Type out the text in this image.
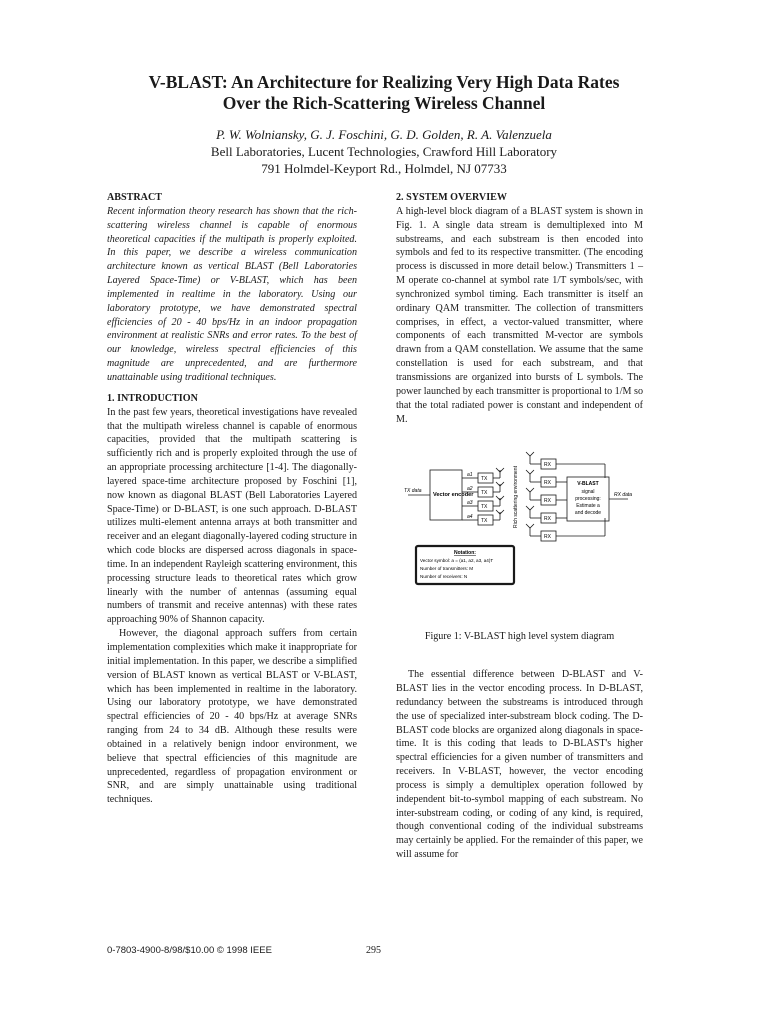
V-BLAST: An Architecture for Realizing Very High Data Rates
Over the Rich-Scattering Wireless Channel
P. W. Wolniansky, G. J. Foschini, G. D. Golden, R. A. Valenzuela
Bell Laboratories, Lucent Technologies, Crawford Hill Laboratory
791 Holmdel-Keyport Rd., Holmdel, NJ 07733

ABSTRACT

Recent information theory research has shown that the rich-scattering wireless channel is capable of enormous theoretical capacities if the multipath is properly exploited. In this paper, we describe a wireless communication architecture known as vertical BLAST (Bell Laboratories Layered Space-Time) or V-BLAST, which has been implemented in realtime in the laboratory. Using our laboratory prototype, we have demonstrated spectral efficiencies of 20 - 40 bps/Hz in an indoor propagation environment at realistic SNRs and error rates. To the best of our knowledge, wireless spectral efficiencies of this magnitude are unprecedented, and are furthermore unattainable using traditional techniques.

1. INTRODUCTION

In the past few years, theoretical investigations have revealed that the multipath wireless channel is capable of enormous capacities, provided that the multipath scattering is sufficiently rich and is properly exploited through the use of an appropriate processing architecture [1-4]. The diagonally-layered space-time architecture proposed by Foschini [1], now known as diagonal BLAST (Bell Laboratories Layered Space-Time) or D-BLAST, is one such approach. D-BLAST utilizes multi-element antenna arrays at both transmitter and receiver and an elegant diagonally-layered coding structure in which code blocks are dispersed across diagonals in space-time. In an independent Rayleigh scattering environment, this processing structure leads to theoretical rates which grow linearly with the number of antennas (assuming equal numbers of transmit and receive antennas) with these rates approaching 90% of Shannon capacity.

However, the diagonal approach suffers from certain implementation complexities which make it inappropriate for initial implementation. In this paper, we describe a simplified version of BLAST known as vertical BLAST or V-BLAST, which has been implemented in realtime in the laboratory. Using our laboratory prototype, we have demonstrated spectral efficiencies of 20 - 40 bps/Hz at average SNRs ranging from 24 to 34 dB. Although these results were obtained in a relatively benign indoor environment, we believe that spectral efficiencies of this magnitude are unprecedented, regardless of propagation environment or SNR, and are simply unattainable using traditional techniques.

2. SYSTEM OVERVIEW

A high-level block diagram of a BLAST system is shown in Fig. 1. A single data stream is demultiplexed into M substreams, and each substream is then encoded into symbols and fed to its respective transmitter. (The encoding process is discussed in more detail below.) Transmitters 1 – M operate co-channel at symbol rate 1/T symbols/sec, with synchronized symbol timing. Each transmitter is itself an ordinary QAM transmitter. The collection of transmitters comprises, in effect, a vector-valued transmitter, where components of each transmitted M-vector are symbols drawn from a QAM constellation. We assume that the same constellation is used for each substream, and that transmissions are organized into bursts of L symbols. The power launched by each transmitter is proportional to 1/M so that the total radiated power is constant and independent of M.

TX data
Vector encoder
TX
TX
TX
TX
a1
a2
a3
a4	Rich scattering environment
RX
RX
RX
RX
RX
V-BLAST
signal
processing:
Estimate a
and decode
RX data
Notation:
Vector symbol: a = (a1, a2, a3, a4)T
Number of transmitters: M
Number of receivers: N

Figure 1: V-BLAST high level system diagram

The essential difference between D-BLAST and V-BLAST lies in the vector encoding process. In D-BLAST, redundancy between the substreams is introduced through the use of specialized inter-substream block coding. The D-BLAST code blocks are organized along diagonals in space-time. It is this coding that leads to D-BLAST's higher spectral efficiencies for a given number of transmitters and receivers. In V-BLAST, however, the vector encoding process is simply a demultiplex operation followed by independent bit-to-symbol mapping of each substream. No inter-substream coding, or coding of any kind, is required, though conventional coding of the individual substreams may certainly be applied. For the remainder of this paper, we will assume for

0-7803-4900-8/98/$10.00 © 1998 IEEE	295
